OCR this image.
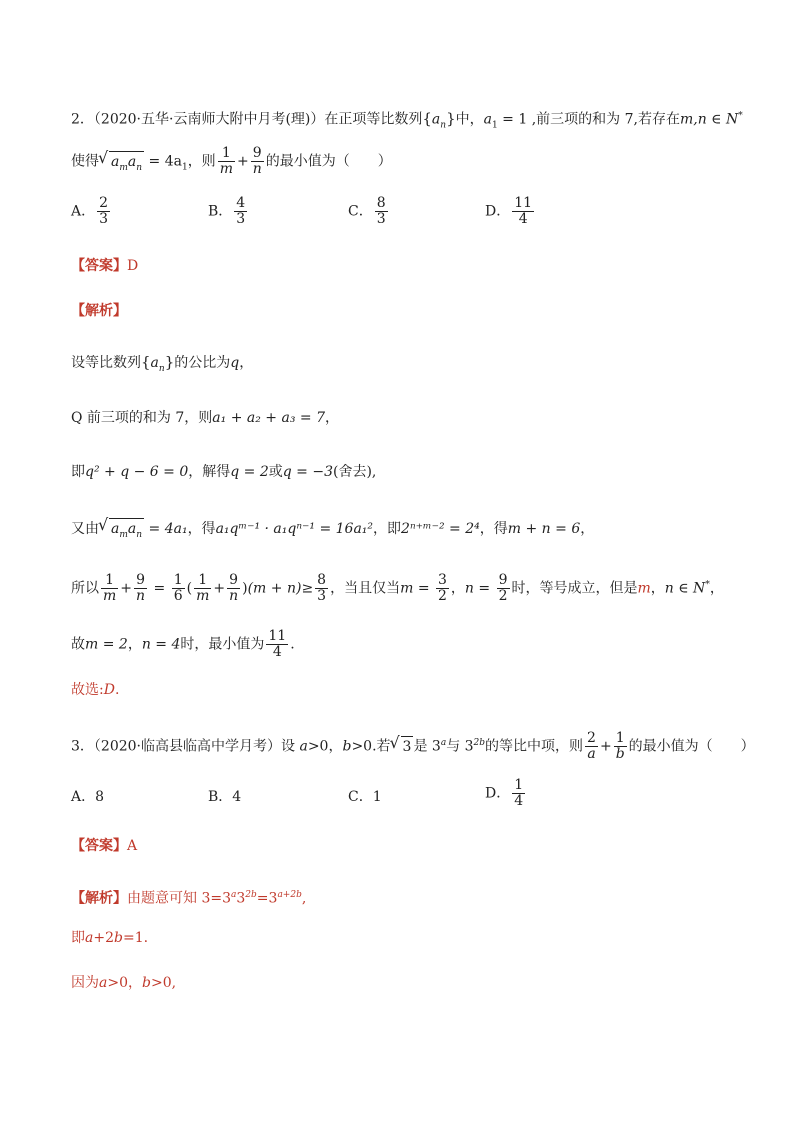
2．（2020·五华·云南师大附中月考(理)）在正项等比数列$\{a_n\}$中，$a_1 = 1$ ,前三项的和为 7,若存在m,n ∈ N*
使得 √ $a_ma_n = 4a_1$，则 $\frac{1}{m} + \frac{9}{n}$ 的最小值为（　　）
A． $\frac{2}{3}$	B． $\frac{4}{3}$	C． $\frac{8}{3}$	D． $\frac{11}{4}$
【答案】D
【解析】
设等比数列$\{a_n\}$的公比为q，
Q 前三项的和为 7，则a₁ + a₂ + a₃ = 7，
即q² + q − 6 = 0，解得q = 2或q = −3(舍去),
又由 √ $a_ma_n = 4a_1$，得a₁qᵐ⁻¹ · a₁qⁿ⁻¹ = 16a₁²，即2ⁿ⁺ᵐ⁻² = 2⁴，得m + n = 6，
所以 $\frac{1}{m} + \frac{9}{n} = \frac{1}{6}$ ( $\frac{1}{m} + \frac{9}{n} )(m + n)\ge \frac{8}{3}$ ，当且仅当$m = \frac{3}{2}$ ，$n = \frac{9}{2}$ 时，等号成立，但是m，n ∈ N*，
故m = 2，n = 4时，最小值为 $\frac{11}{4}$ .
故选:D.
3．（2020·临高县临高中学月考）设 a>0，b>0.若 √ 3 是 3$^a$与 $3^{2b}$的等比中项，则 $\frac{2}{a} + \frac{1}{b}$ 的最小值为（　　）
A．8	B．4	C．1	D． $\frac{1}{4}$
【答案】A
【解析】由题意可知 $3=3^a3^{2b}=3^{a+2b}$,
即a+2b=1.
因为a>0，b>0,
